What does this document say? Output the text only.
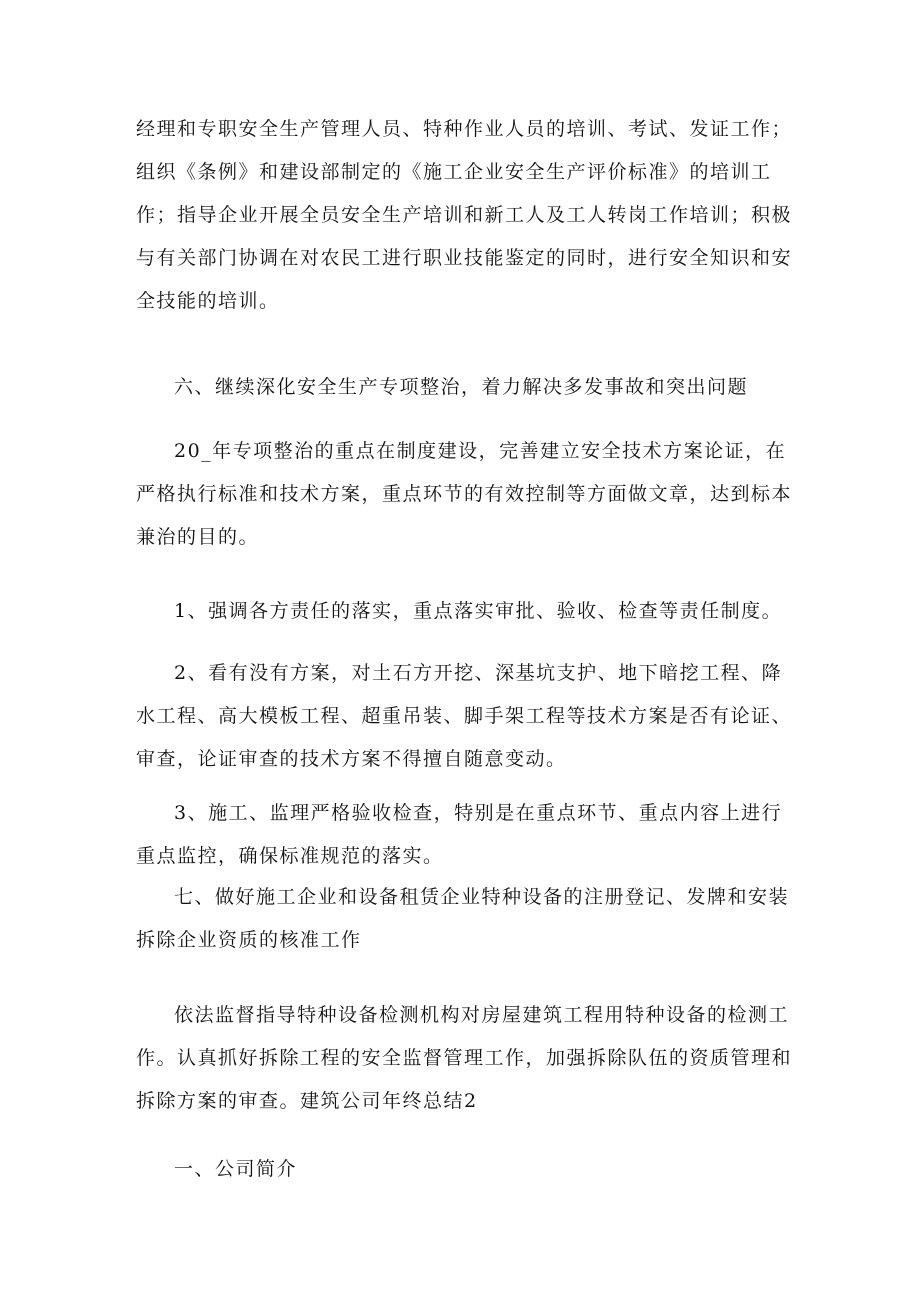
经理和专职安全生产管理人员、特种作业人员的培训、考试、发证工作；
组织《条例》和建设部制定的《施工企业安全生产评价标准》的培训工
作；指导企业开展全员安全生产培训和新工人及工人转岗工作培训；积极
与有关部门协调在对农民工进行职业技能鉴定的同时，进行安全知识和安
全技能的培训。
六、继续深化安全生产专项整治，着力解决多发事故和突出问题
20_年专项整治的重点在制度建设，完善建立安全技术方案论证，在
严格执行标准和技术方案，重点环节的有效控制等方面做文章，达到标本
兼治的目的。
1、强调各方责任的落实，重点落实审批、验收、检查等责任制度。
2、看有没有方案，对土石方开挖、深基坑支护、地下暗挖工程、降
水工程、高大模板工程、超重吊装、脚手架工程等技术方案是否有论证、
审查，论证审查的技术方案不得擅自随意变动。
3、施工、监理严格验收检查，特别是在重点环节、重点内容上进行
重点监控，确保标准规范的落实。
七、做好施工企业和设备租赁企业特种设备的注册登记、发牌和安装
拆除企业资质的核准工作
依法监督指导特种设备检测机构对房屋建筑工程用特种设备的检测工
作。认真抓好拆除工程的安全监督管理工作，加强拆除队伍的资质管理和
拆除方案的审查。建筑公司年终总结2
一、公司简介
